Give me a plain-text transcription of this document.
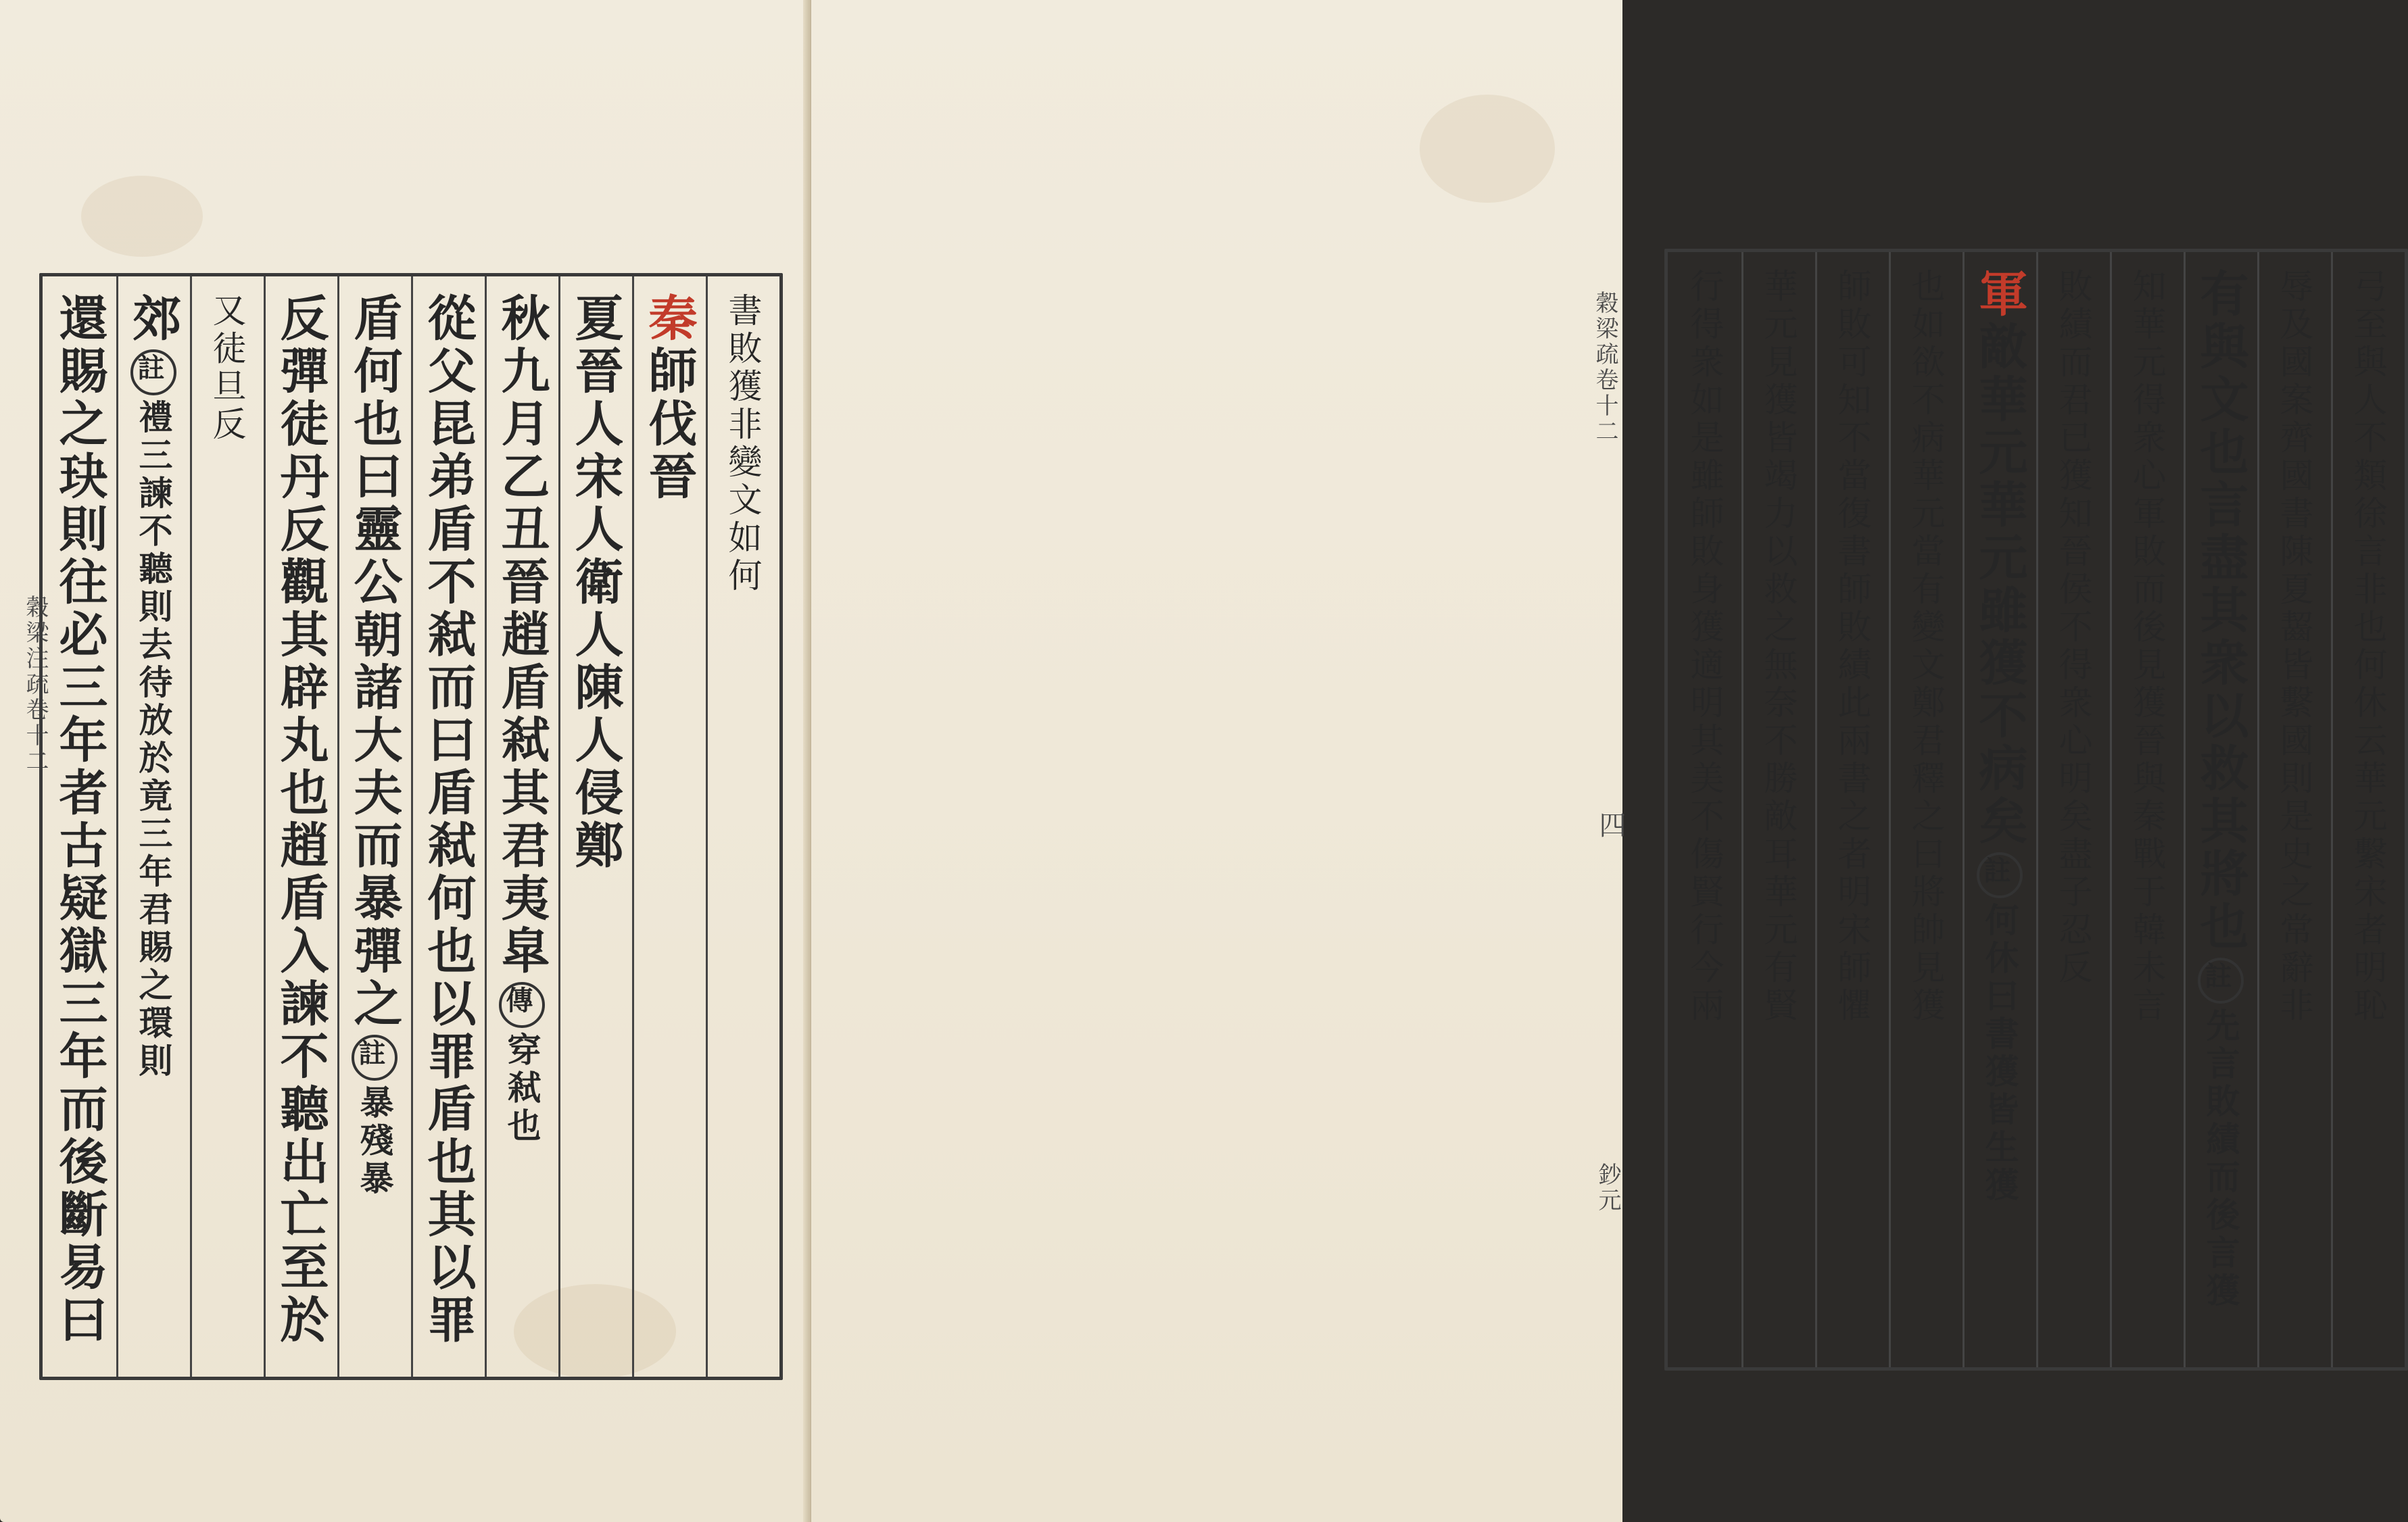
穀梁注疏卷十二
書敗獲非變文如何
秦師伐晉
夏晉人宋人衛人陳人侵鄭
秋九月乙丑晉趙盾弒其君夷皐傳穿弒也
從父昆弟盾不弒而曰盾弒何也以罪盾也其以罪
盾何也曰靈公朝諸大夫而暴彈之註暴殘暴
反彈徒丹反觀其辟丸也趙盾入諫不聽出亡至於
又徒旦反
郊註禮三諫不聽則去待放於竟三年君賜之環則
還賜之玦則往必三年者古疑獄三年而後斷易曰	穀梁疏卷十二
四
鈔元
弓至與人不類徐言非也何休云華元繫宋者明恥
辱及國案齊國書陳夏齧皆繫國則是史之常辭非
有與文也言盡其衆以救其將也註先言敗績而後言獲
知華元得衆心軍敗而後見獲晉與秦戰于韓未言
敗績而君已獲知晉侯不得衆心明矣盡子忍反
軍敵華元華元雖獲不病矣註何休曰書獲皆生獲
也如欲不病華元當有變文鄭君釋之曰將帥見獲
師敗可知不當復書師敗績此兩書之者明宋師懼
華元見獲皆竭力以救之無奈不勝敵耳華元有賢
行得衆如是雖師敗身獲適明其美不傷賢行今兩
